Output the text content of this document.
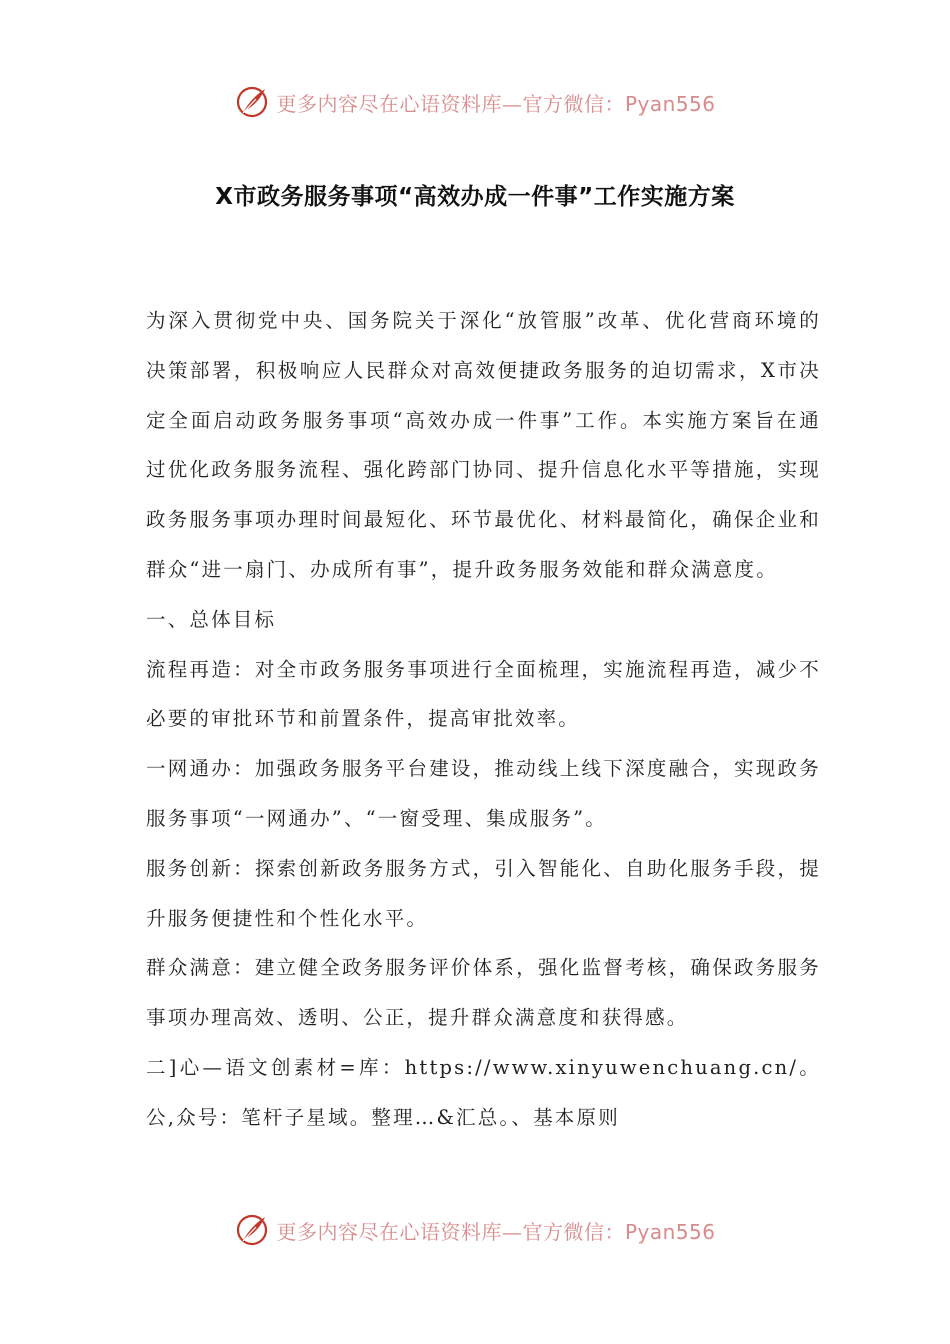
更多内容尽在心语资料库—官方微信：Pyan556
X市政务服务事项“高效办成一件事”工作实施方案

为深入贯彻党中央、国务院关于深化“放管服”改革、优化营商环境的决策部署，积极响应人民群众对高效便捷政务服务的迫切需求，X市决定全面启动政务服务事项“高效办成一件事”工作。本实施方案旨在通过优化政务服务流程、强化跨部门协同、提升信息化水平等措施，实现政务服务事项办理时间最短化、环节最优化、材料最简化，确保企业和群众“进一扇门、办成所有事”，提升政务服务效能和群众满意度。

一、总体目标

流程再造：对全市政务服务事项进行全面梳理，实施流程再造，减少不必要的审批环节和前置条件，提高审批效率。

一网通办：加强政务服务平台建设，推动线上线下深度融合，实现政务服务事项“一网通办”、“一窗受理、集成服务”。

服务创新：探索创新政务服务方式，引入智能化、自助化服务手段，提升服务便捷性和个性化水平。

群众满意：建立健全政务服务评价体系，强化监督考核，确保政务服务事项办理高效、透明、公正，提升群众满意度和获得感。

二]心—语文创素材=库：https://www.xinyuwenchuang.cn/。公,众号：笔杆子星域。整理…&汇总。、基本原则

更多内容尽在心语资料库—官方微信：Pyan556
